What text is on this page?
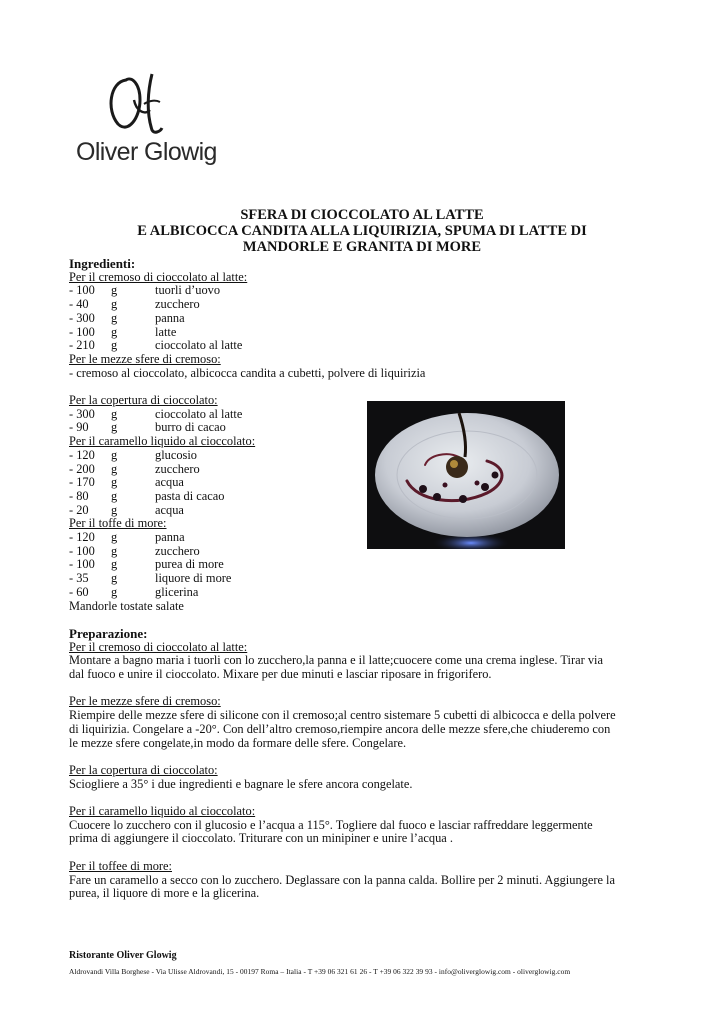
Oliver Glowig
SFERA DI CIOCCOLATO AL LATTE
E ALBICOCCA CANDITA ALLA LIQUIRIZIA, SPUMA DI LATTE DI
MANDORLE E GRANITA DI MORE
Ingredienti:
Per il cremoso di cioccolato al latte:
- 100	g	tuorli d’uovo
- 40	g	zucchero
- 300	g	panna
- 100	g	latte
- 210	g	cioccolato al latte
Per le mezze sfere di cremoso:
- cremoso al cioccolato, albicocca candita a cubetti, polvere di liquirizia
Per la copertura di cioccolato:
- 300	g	cioccolato al latte
- 90	g	burro di cacao
Per il caramello liquido al cioccolato:
- 120	g	glucosio
- 200	g	zucchero
- 170	g	acqua
- 80	g	pasta di cacao
- 20	g	acqua
Per il toffe di more:
- 120	g	panna
- 100	g	zucchero
- 100	g	purea di more
- 35	g	liquore di more
- 60	g	glicerina
Mandorle tostate salate
Preparazione:
Per il cremoso di cioccolato al latte:
Montare a bagno maria i tuorli con lo zucchero,la panna e il latte;cuocere come una crema inglese. Tirar via
dal fuoco e unire il cioccolato. Mixare per due minuti e lasciar riposare in frigorifero.
Per le mezze sfere di cremoso:
Riempire delle mezze sfere di silicone con il cremoso;al centro sistemare 5 cubetti di albicocca e della polvere
di liquirizia. Congelare a -20°. Con dell’altro cremoso,riempire ancora delle mezze sfere,che chiuderemo con
le mezze sfere congelate,in modo da formare delle sfere. Congelare.
Per la copertura di cioccolato:
Sciogliere a 35° i due ingredienti e bagnare le sfere ancora congelate.
Per il caramello liquido al cioccolato:
Cuocere lo zucchero con il glucosio e l’acqua a 115°. Togliere dal fuoco e lasciar raffreddare leggermente
prima di aggiungere il cioccolato. Triturare con un minipiner e unire l’acqua .
Per il toffee di more:
Fare un caramello a secco con lo zucchero. Deglassare con la panna calda. Bollire per 2 minuti. Aggiungere la
purea, il liquore di more e la glicerina.
Ristorante Oliver Glowig
Aldrovandi Villa Borghese - Via Ulisse Aldrovandi, 15 - 00197 Roma – Italia - T +39 06 321 61 26 - T +39 06 322 39 93 - info@oliverglowig.com - oliverglowig.com
